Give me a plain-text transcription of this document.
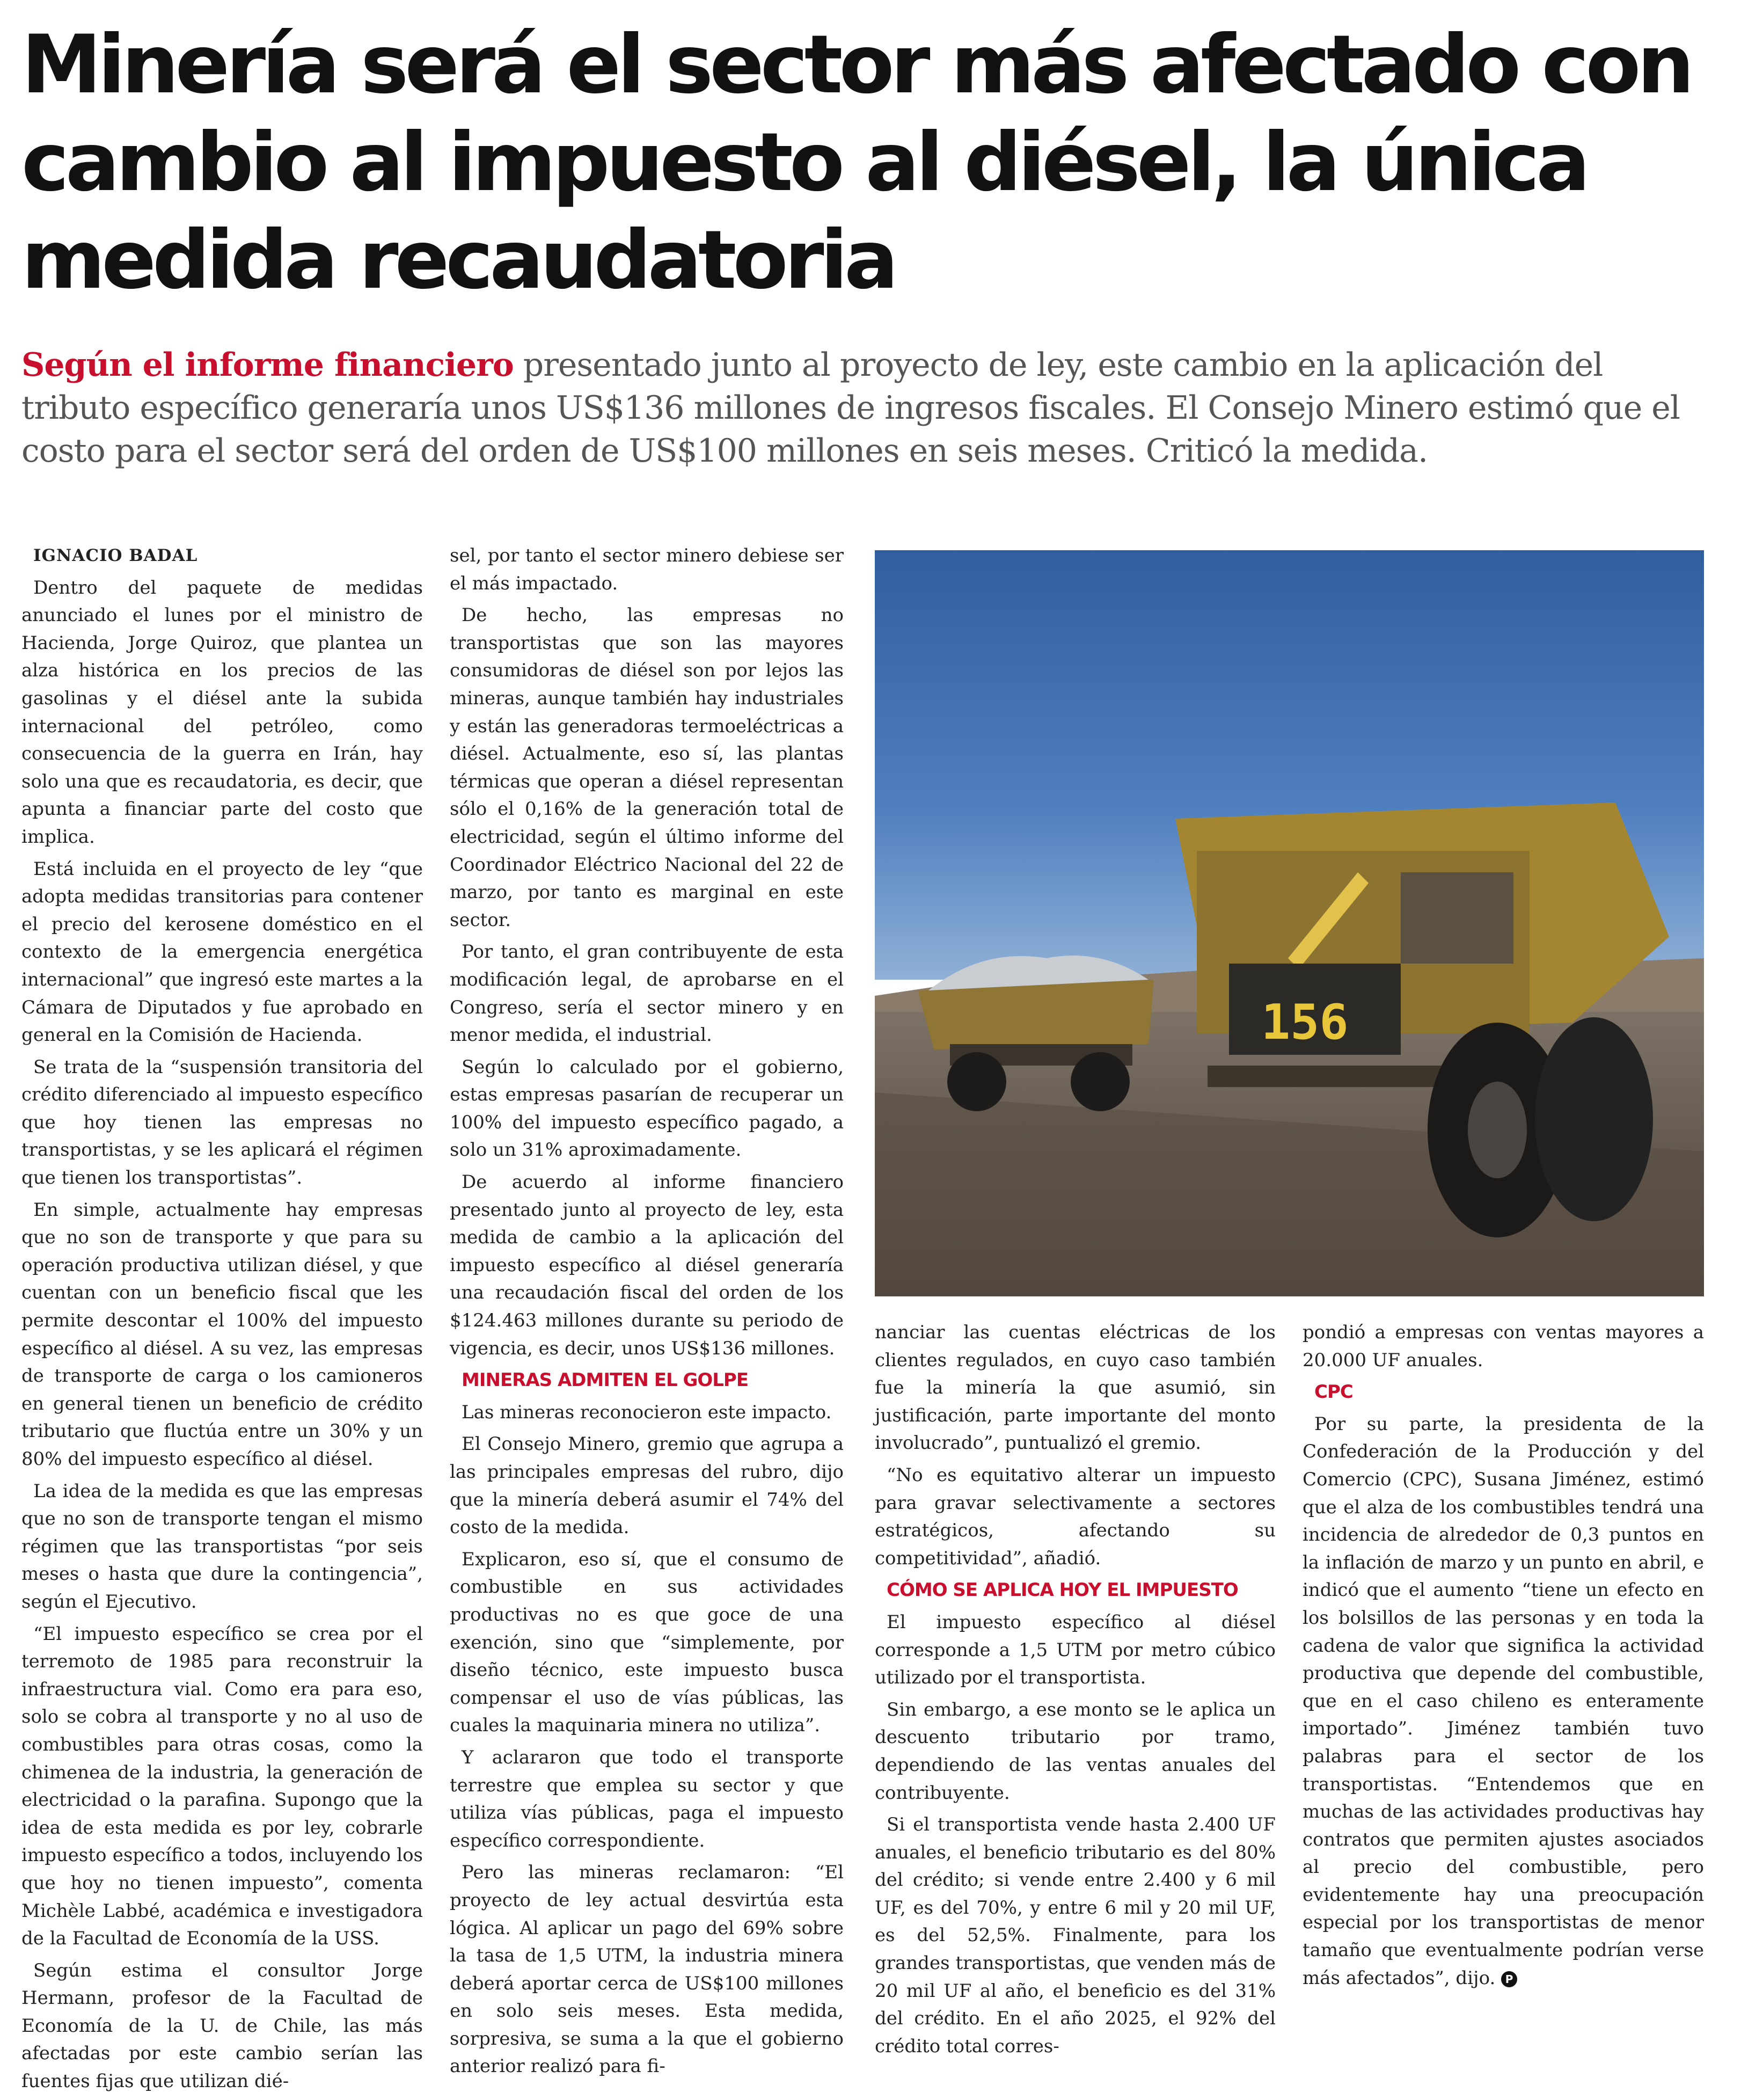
Minería será el sector más afectado con cambio al impuesto al diésel, la única medida recaudatoria

Según el informe financiero presentado junto al proyecto de ley, este cambio en la aplicación del tributo específico generaría unos US$136 millones de ingresos fiscales. El Consejo Minero estimó que el costo para el sector será del orden de US$100 millones en seis meses. Criticó la medida.

IGNACIO BADAL

Dentro del paquete de medidas anunciado el lunes por el ministro de Hacienda, Jorge Quiroz, que plantea un alza histórica en los precios de las gasolinas y el diésel ante la subida internacional del petróleo, como consecuencia de la guerra en Irán, hay solo una que es recaudatoria, es decir, que apunta a financiar parte del costo que implica.

Está incluida en el proyecto de ley “que adopta medidas transitorias para contener el precio del kerosene doméstico en el contexto de la emergencia energética internacional” que ingresó este martes a la Cámara de Diputados y fue aprobado en general en la Comisión de Hacienda.

Se trata de la “suspensión transitoria del crédito diferenciado al impuesto específico que hoy tienen las empresas no transportistas, y se les aplicará el régimen que tienen los transportistas”.

En simple, actualmente hay empresas que no son de transporte y que para su operación productiva utilizan diésel, y que cuentan con un beneficio fiscal que les permite descontar el 100% del impuesto específico al diésel. A su vez, las empresas de transporte de carga o los camioneros en general tienen un beneficio de crédito tributario que fluctúa entre un 30% y un 80% del impuesto específico al diésel.

La idea de la medida es que las empresas que no son de transporte tengan el mismo régimen que las transportistas “por seis meses o hasta que dure la contingencia”, según el Ejecutivo.

“El impuesto específico se crea por el terremoto de 1985 para reconstruir la infraestructura vial. Como era para eso, solo se cobra al transporte y no al uso de combustibles para otras cosas, como la chimenea de la industria, la generación de electricidad o la parafina. Supongo que la idea de esta medida es por ley, cobrarle impuesto específico a todos, incluyendo los que hoy no tienen impuesto”, comenta Michèle Labbé, académica e investigadora de la Facultad de Economía de la USS.

Según estima el consultor Jorge Hermann, profesor de la Facultad de Economía de la U. de Chile, las más afectadas por este cambio serían las fuentes fijas que utilizan dié-

sel, por tanto el sector minero debiese ser el más impactado.

De hecho, las empresas no transportistas que son las mayores consumidoras de diésel son por lejos las mineras, aunque también hay industriales y están las generadoras termoeléctricas a diésel. Actualmente, eso sí, las plantas térmicas que operan a diésel representan sólo el 0,16% de la generación total de electricidad, según el último informe del Coordinador Eléctrico Nacional del 22 de marzo, por tanto es marginal en este sector.

Por tanto, el gran contribuyente de esta modificación legal, de aprobarse en el Congreso, sería el sector minero y en menor medida, el industrial.

Según lo calculado por el gobierno, estas empresas pasarían de recuperar un 100% del impuesto específico pagado, a solo un 31% aproximadamente.

De acuerdo al informe financiero presentado junto al proyecto de ley, esta medida de cambio a la aplicación del impuesto específico al diésel generaría una recaudación fiscal del orden de los $124.463 millones durante su periodo de vigencia, es decir, unos US$136 millones.

MINERAS ADMITEN EL GOLPE

Las mineras reconocieron este impacto.

El Consejo Minero, gremio que agrupa a las principales empresas del rubro, dijo que la minería deberá asumir el 74% del costo de la medida.

Explicaron, eso sí, que el consumo de combustible en sus actividades productivas no es que goce de una exención, sino que “simplemente, por diseño técnico, este impuesto busca compensar el uso de vías públicas, las cuales la maquinaria minera no utiliza”.

Y aclararon que todo el transporte terrestre que emplea su sector y que utiliza vías públicas, paga el impuesto específico correspondiente.

Pero las mineras reclamaron: “El proyecto de ley actual desvirtúa esta lógica. Al aplicar un pago del 69% sobre la tasa de 1,5 UTM, la industria minera deberá aportar cerca de US$100 millones en solo seis meses. Esta medida, sorpresiva, se suma a la que el gobierno anterior realizó para fi-

156

nanciar las cuentas eléctricas de los clientes regulados, en cuyo caso también fue la minería la que asumió, sin justificación, parte importante del monto involucrado”, puntualizó el gremio.

“No es equitativo alterar un impuesto para gravar selectivamente a sectores estratégicos, afectando su competitividad”, añadió.

CÓMO SE APLICA HOY EL IMPUESTO

El impuesto específico al diésel corresponde a 1,5 UTM por metro cúbico utilizado por el transportista.

Sin embargo, a ese monto se le aplica un descuento tributario por tramo, dependiendo de las ventas anuales del contribuyente.

Si el transportista vende hasta 2.400 UF anuales, el beneficio tributario es del 80% del crédito; si vende entre 2.400 y 6 mil UF, es del 70%, y entre 6 mil y 20 mil UF, es del 52,5%. Finalmente, para los grandes transportistas, que venden más de 20 mil UF al año, el beneficio es del 31% del crédito. En el año 2025, el 92% del crédito total corres-

pondió a empresas con ventas mayores a 20.000 UF anuales.

CPC

Por su parte, la presidenta de la Confederación de la Producción y del Comercio (CPC), Susana Jiménez, estimó que el alza de los combustibles tendrá una incidencia de alrededor de 0,3 puntos en la inflación de marzo y un punto en abril, e indicó que el aumento “tiene un efecto en los bolsillos de las personas y en toda la cadena de valor que significa la actividad productiva que depende del combustible, que en el caso chileno es enteramente importado”. Jiménez también tuvo palabras para el sector de los transportistas. “Entendemos que en muchas de las actividades productivas hay contratos que permiten ajustes asociados al precio del combustible, pero evidentemente hay una preocupación especial por los transportistas de menor tamaño que eventualmente podrían verse más afectados”, dijo. P
